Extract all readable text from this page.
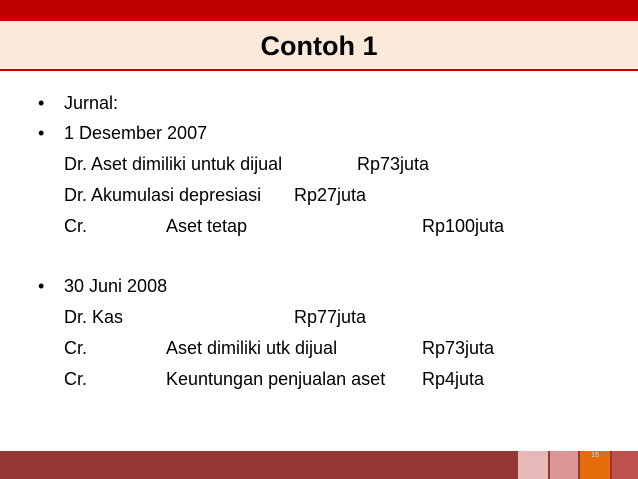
Contoh 1
• Jurnal:
• 1 Desember 2007
Dr. Aset dimiliki untuk dijual	Rp73juta
Dr. Akumulasi depresiasi Rp27juta
Cr.	Aset tetap	Rp100juta
• 30 Juni 2008
Dr. Kas	Rp77juta
Cr.	Aset dimiliki utk dijual	Rp73juta
Cr.	Keuntungan penjualan aset Rp4juta
15
